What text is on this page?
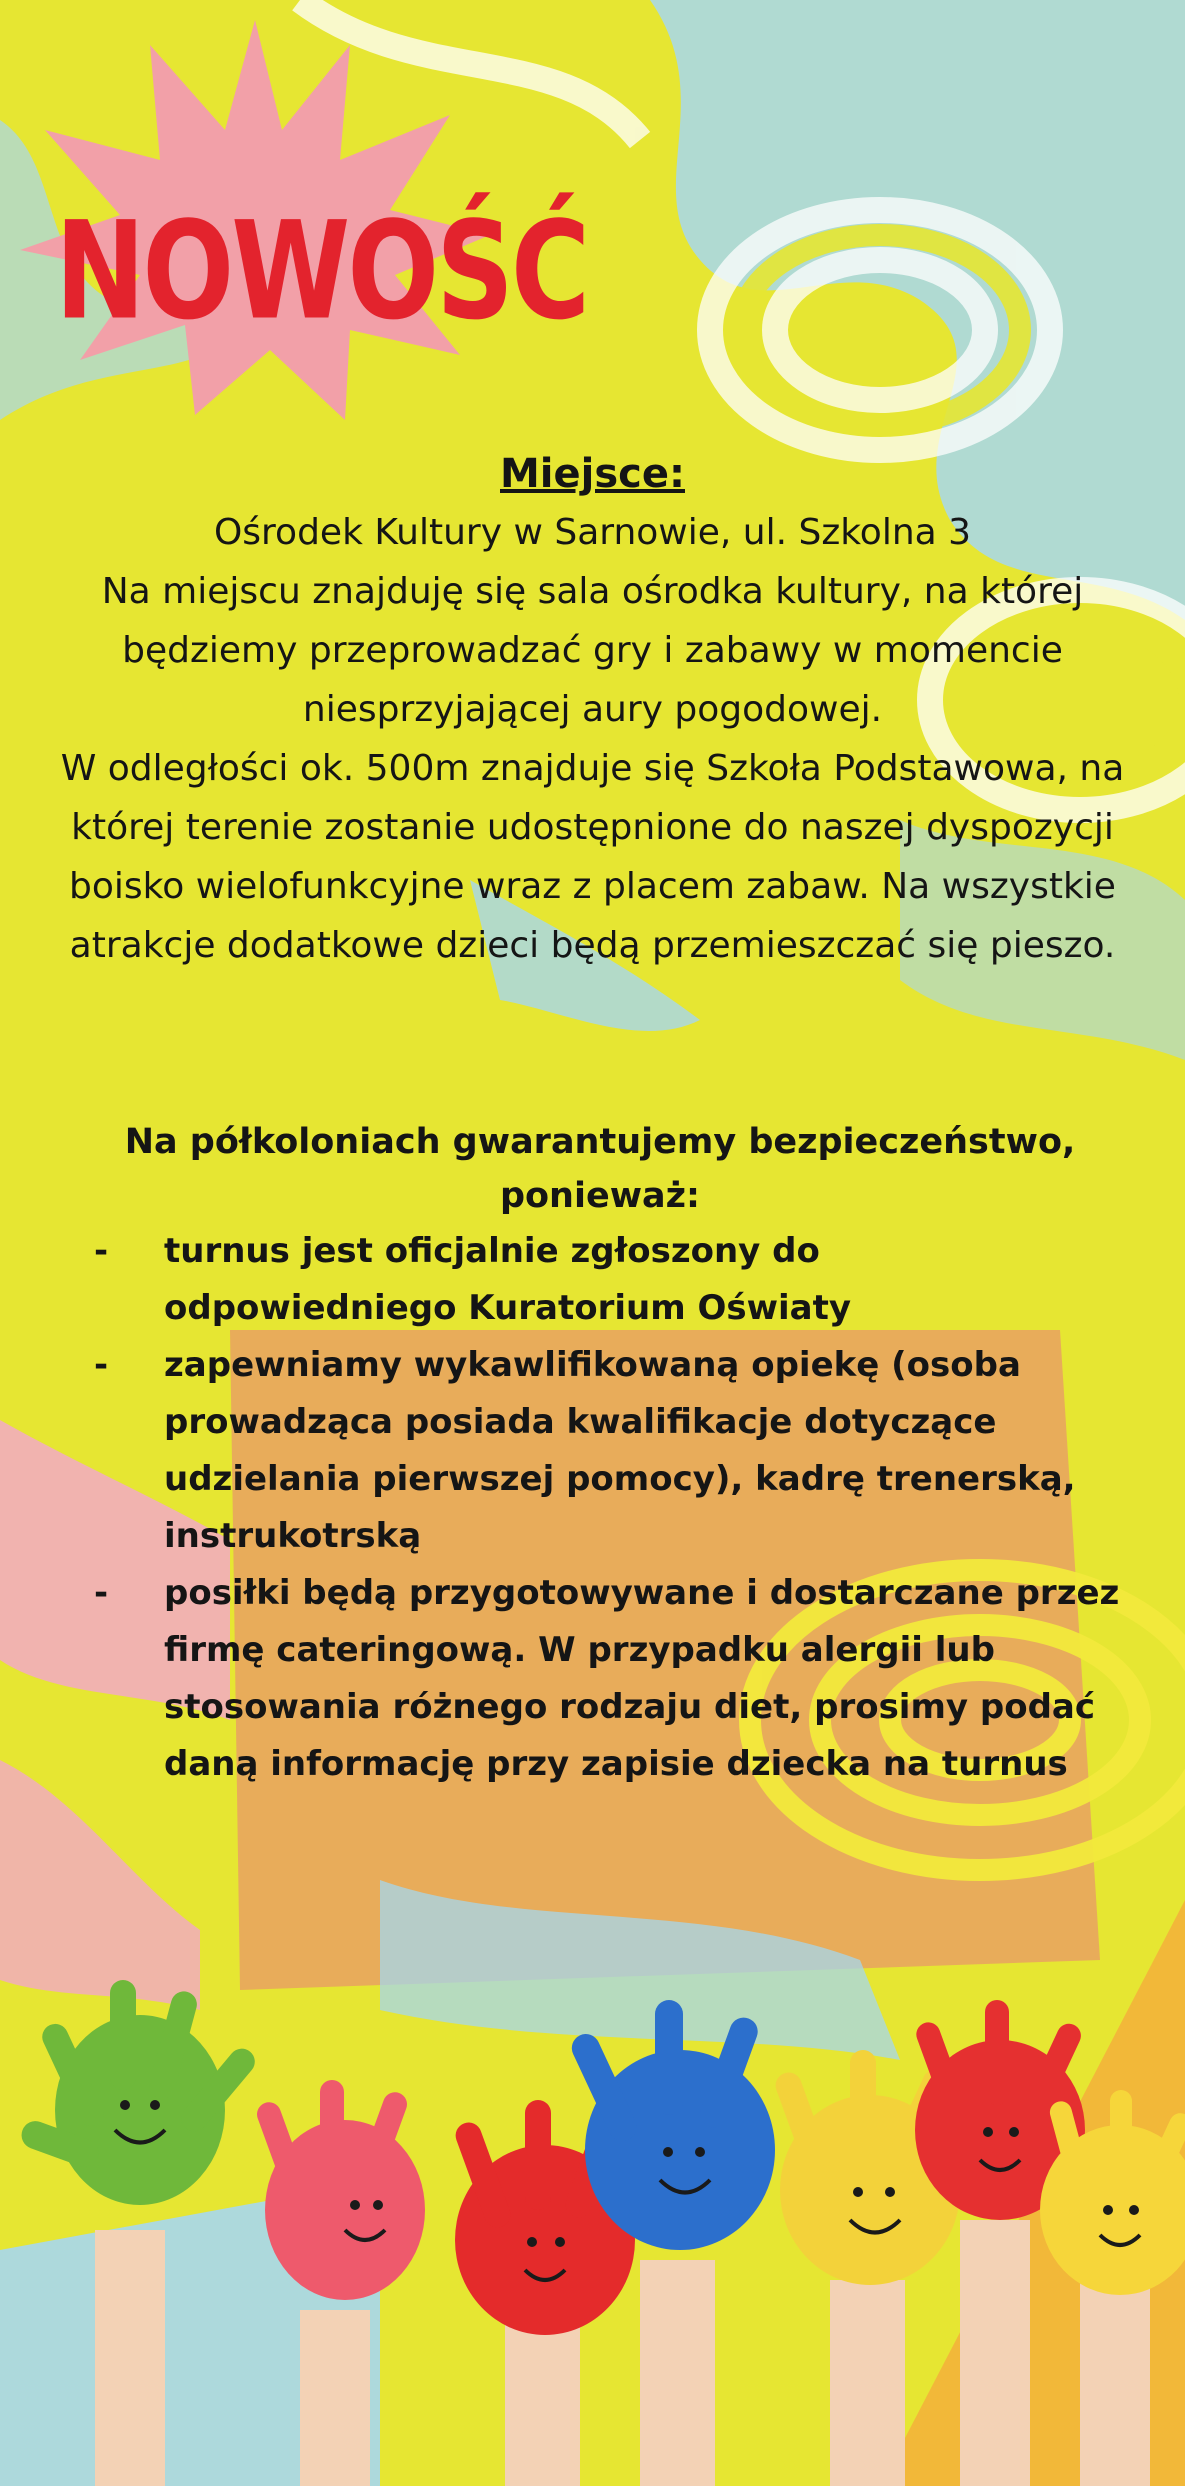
NOWOŚĆ

Miejsce:

Ośrodek Kultury w Sarnowie, ul. Szkolna 3

Na miejscu znajduję się sala ośrodka kultury, na której

będziemy przeprowadzać gry i zabawy w momencie

niesprzyjającej aury pogodowej.

W odległości ok. 500m znajduje się Szkoła Podstawowa, na

której terenie zostanie udostępnione do naszej dyspozycji

boisko wielofunkcyjne wraz z placem zabaw. Na wszystkie

atrakcje dodatkowe dzieci będą przemieszczać się pieszo.

Na półkoloniach gwarantujemy bezpieczeństwo, ponieważ:

- turnus jest oficjalnie zgłoszony do odpowiedniego Kuratorium Oświaty

- zapewniamy wykawlifikowaną opiekę (osoba prowadząca posiada kwalifikacje dotyczące udzielania pierwszej pomocy), kadrę trenerską, instrukotrską

- posiłki będą przygotowywane i dostarczane przez firmę cateringową. W przypadku alergii lub stosowania różnego rodzaju diet, prosimy podać daną informację przy zapisie dziecka na turnus
